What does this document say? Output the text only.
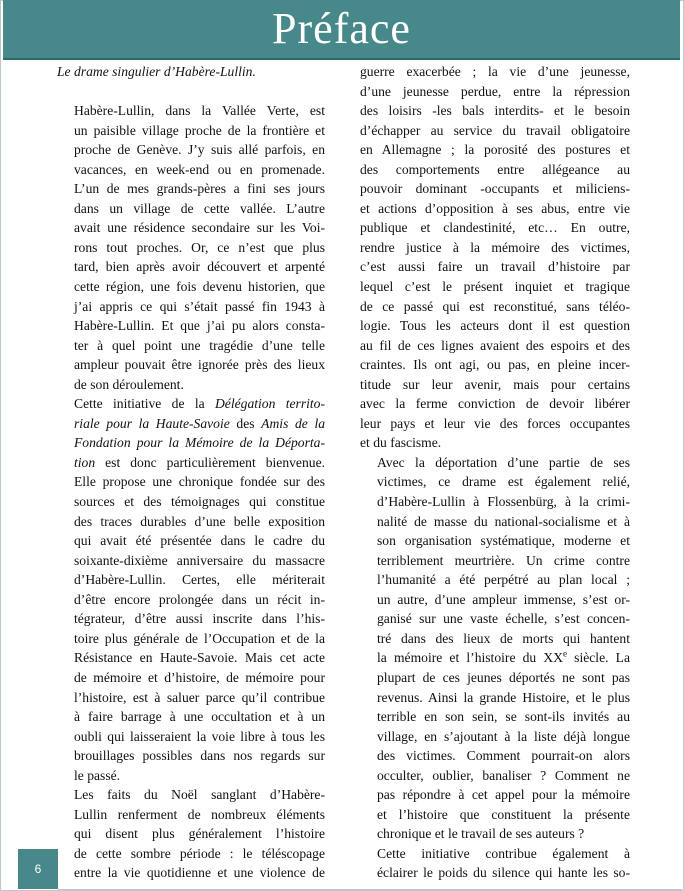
Préface

Le drame singulier d’Habère-Lullin.

Habère-Lullin, dans la Vallée Verte, est
un paisible village proche de la frontière et
proche de Genève. J’y suis allé parfois, en
vacances, en week-end ou en promenade.
L’un de mes grands-pères a fini ses jours
dans un village de cette vallée. L’autre
avait une résidence secondaire sur les Voi-
rons tout proches. Or, ce n’est que plus
tard, bien après avoir découvert et arpenté
cette région, une fois devenu historien, que
j’ai appris ce qui s’était passé fin 1943 à
Habère-Lullin. Et que j’ai pu alors consta-
ter à quel point une tragédie d’une telle
ampleur pouvait être ignorée près des lieux
de son déroulement.

Cette initiative de la Délégation territo-
riale pour la Haute-Savoie des Amis de la
Fondation pour la Mémoire de la Déporta-
tion est donc particulièrement bienvenue.
Elle propose une chronique fondée sur des
sources et des témoignages qui constitue
des traces durables d’une belle exposition
qui avait été présentée dans le cadre du
soixante-dixième anniversaire du massacre
d’Habère-Lullin. Certes, elle mériterait
d’être encore prolongée dans un récit in-
tégrateur, d’être aussi inscrite dans l’his-
toire plus générale de l’Occupation et de la
Résistance en Haute-Savoie. Mais cet acte
de mémoire et d’histoire, de mémoire pour
l’histoire, est à saluer parce qu’il contribue
à faire barrage à une occultation et à un
oubli qui laisseraient la voie libre à tous les
brouillages possibles dans nos regards sur
le passé.

Les faits du Noël sanglant d’Habère-
Lullin renferment de nombreux éléments
qui disent plus généralement l’histoire
de cette sombre période : le téléscopage
entre la vie quotidienne et une violence de

guerre exacerbée ; la vie d’une jeunesse,
d’une jeunesse perdue, entre la répression
des loisirs -les bals interdits- et le besoin
d’échapper au service du travail obligatoire
en Allemagne ; la porosité des postures et
des comportements entre allégeance au
pouvoir dominant -occupants et miliciens-
et actions d’opposition à ses abus, entre vie
publique et clandestinité, etc… En outre,
rendre justice à la mémoire des victimes,
c’est aussi faire un travail d’histoire par
lequel c’est le présent inquiet et tragique
de ce passé qui est reconstitué, sans téléo-
logie. Tous les acteurs dont il est question
au fil de ces lignes avaient des espoirs et des
craintes. Ils ont agi, ou pas, en pleine incer-
titude sur leur avenir, mais pour certains
avec la ferme conviction de devoir libérer
leur pays et leur vie des forces occupantes
et du fascisme.

Avec la déportation d’une partie de ses
victimes, ce drame est également relié,
d’Habère-Lullin à Flossenbürg, à la crimi-
nalité de masse du national-socialisme et à
son organisation systématique, moderne et
terriblement meurtrière. Un crime contre
l’humanité a été perpétré au plan local ;
un autre, d’une ampleur immense, s’est or-
ganisé sur une vaste échelle, s’est concen-
tré dans des lieux de morts qui hantent
la mémoire et l’histoire du XXe siècle. La
plupart de ces jeunes déportés ne sont pas
revenus. Ainsi la grande Histoire, et le plus
terrible en son sein, se sont-ils invités au
village, en s’ajoutant à la liste déjà longue
des victimes. Comment pourrait-on alors
occulter, oublier, banaliser ? Comment ne
pas répondre à cet appel pour la mémoire
et l’histoire que constituent la présente
chronique et le travail de ses auteurs ?

Cette initiative contribue également à
éclairer le poids du silence qui hante les so-

6
